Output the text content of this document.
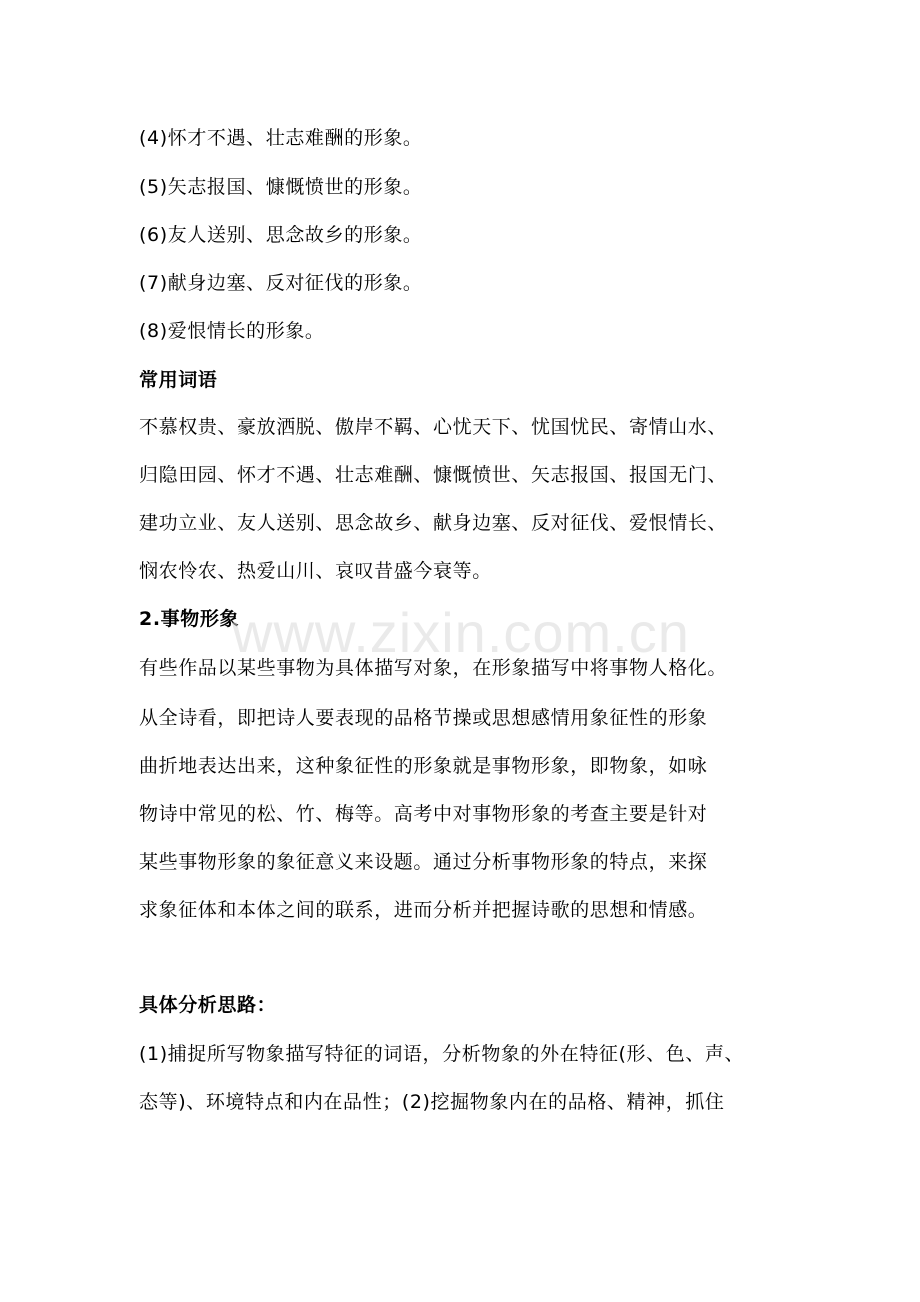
(4)怀才不遇、壮志难酬的形象。
(5)矢志报国、慷慨愤世的形象。
(6)友人送别、思念故乡的形象。
(7)献身边塞、反对征伐的形象。
(8)爱恨情长的形象。
常用词语
不慕权贵、豪放洒脱、傲岸不羁、心忧天下、忧国忧民、寄情山水、
归隐田园、怀才不遇、壮志难酬、慷慨愤世、矢志报国、报国无门、
建功立业、友人送别、思念故乡、献身边塞、反对征伐、爱恨情长、
悯农怜农、热爱山川、哀叹昔盛今衰等。
2.事物形象
有些作品以某些事物为具体描写对象，在形象描写中将事物人格化。
从全诗看，即把诗人要表现的品格节操或思想感情用象征性的形象
曲折地表达出来，这种象征性的形象就是事物形象，即物象，如咏
物诗中常见的松、竹、梅等。高考中对事物形象的考查主要是针对
某些事物形象的象征意义来设题。通过分析事物形象的特点，来探
求象征体和本体之间的联系，进而分析并把握诗歌的思想和情感。
具体分析思路：
(1)捕捉所写物象描写特征的词语，分析物象的外在特征(形、色、声、
态等)、环境特点和内在品性；(2)挖掘物象内在的品格、精神，抓住
www.zixin.com.cn
